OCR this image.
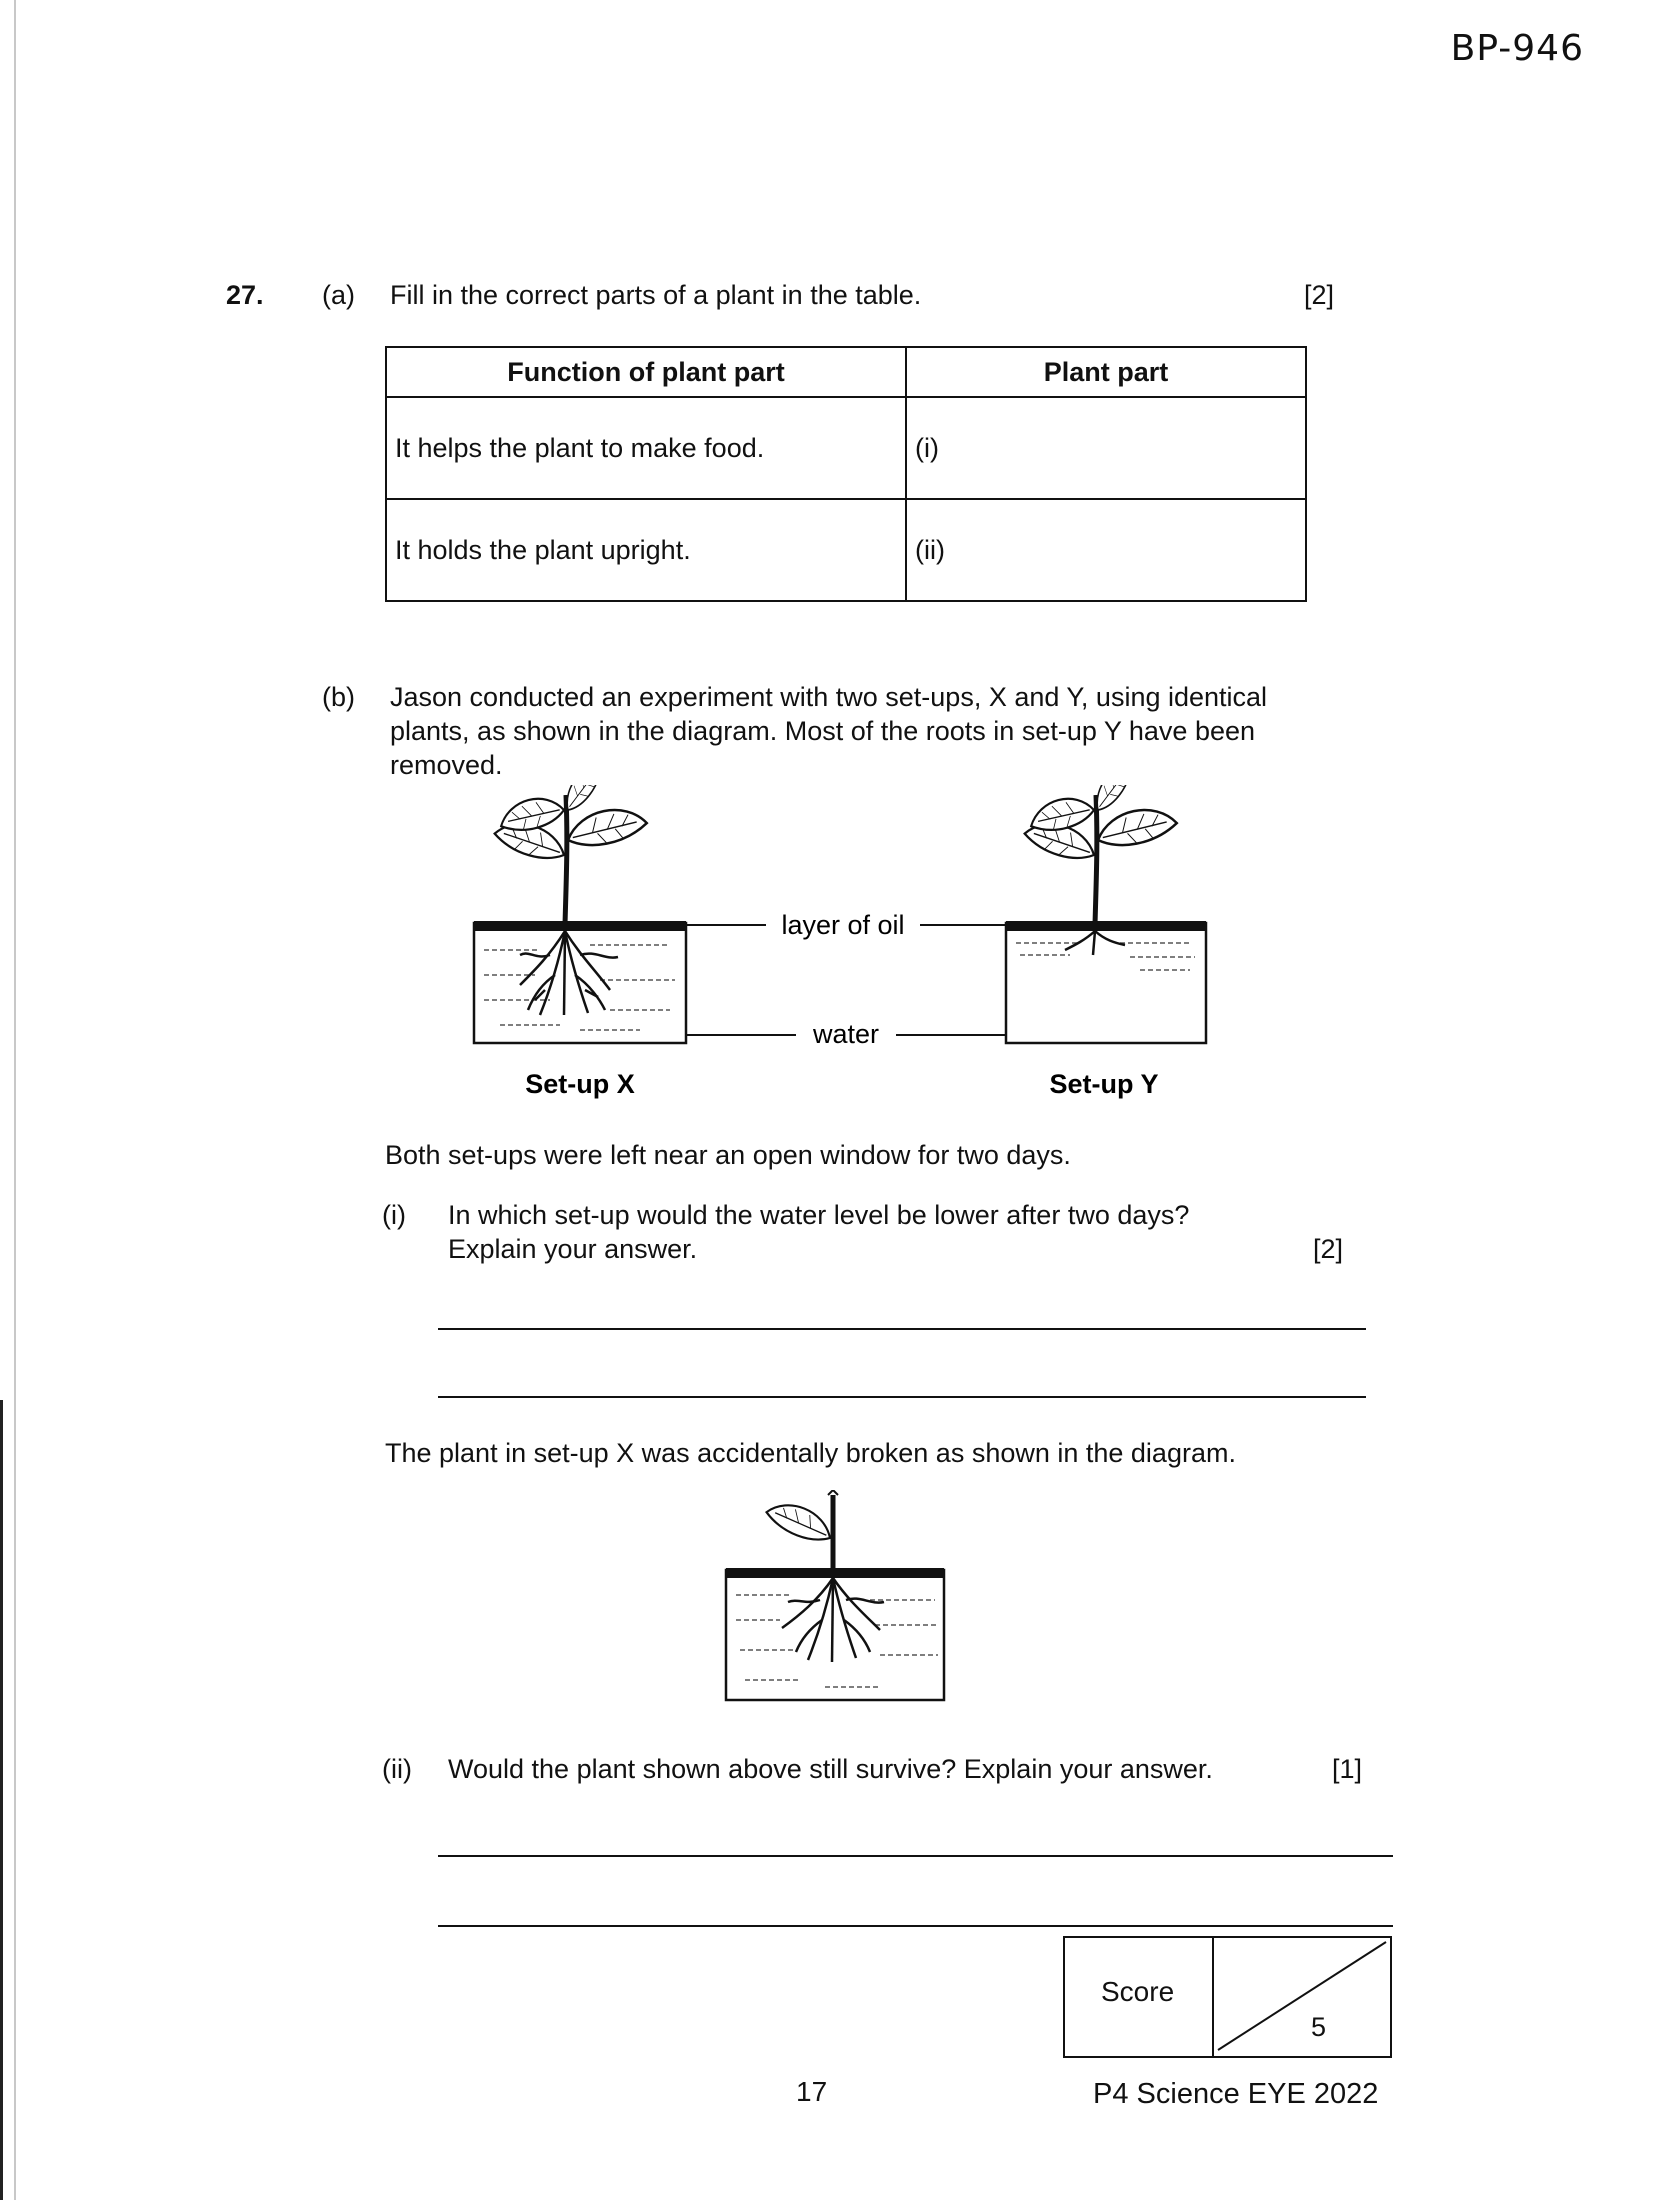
BP-946
27. (a) Fill in the correct parts of a plant in the table.	[2]
Function of plant part	Plant part
It helps the plant to make food.	(i)
It holds the plant upright.	(ii)
(b) Jason conducted an experiment with two set-ups, X and Y, using identical
plants, as shown in the diagram. Most of the roots in set-up Y have been
removed.
layer of oil
water
Set-up X	Set-up Y
Both set-ups were left near an open window for two days.
(i) In which set-up would the water level be lower after two days?
Explain your answer.	[2]
The plant in set-up X was accidentally broken as shown in the diagram.
(ii) Would the plant shown above still survive? Explain your answer.	[1]
Score
5
17	P4 Science EYE 2022
